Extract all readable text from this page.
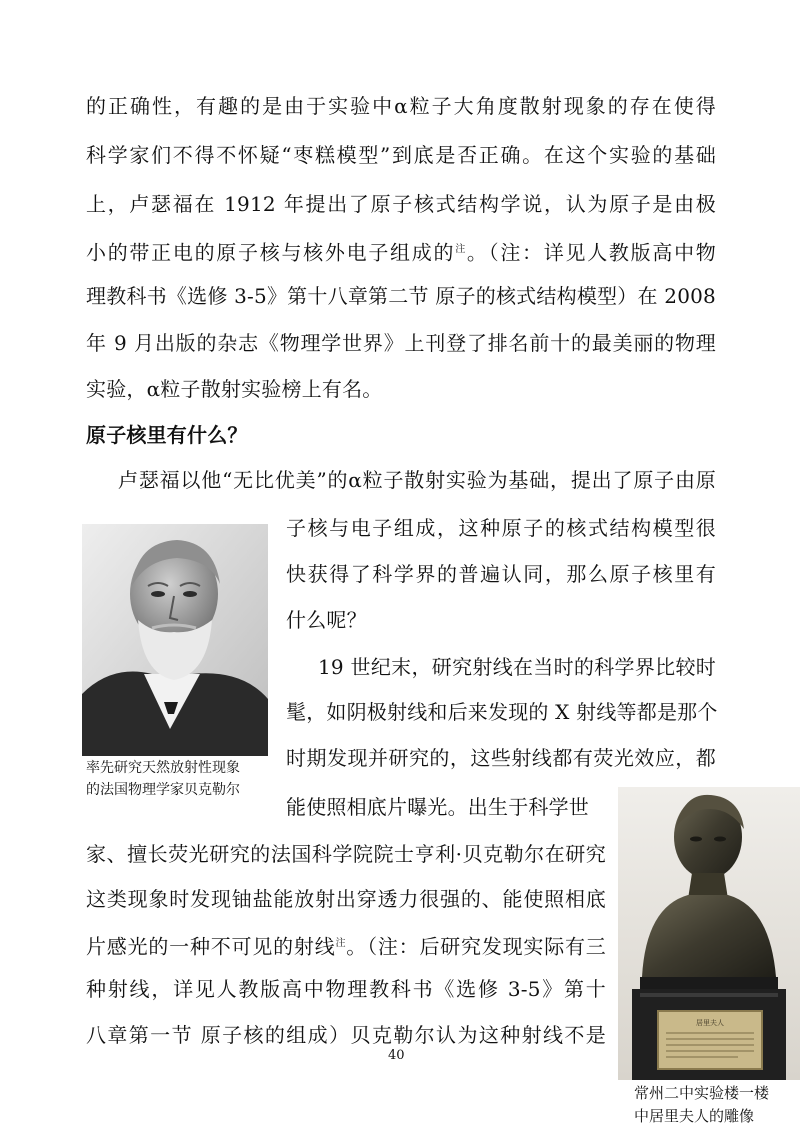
的正确性，有趣的是由于实验中α粒子大角度散射现象的存在使得
科学家们不得不怀疑“枣糕模型”到底是否正确。在这个实验的基础
上，卢瑟福在 1912 年提出了原子核式结构学说，认为原子是由极
小的带正电的原子核与核外电子组成的$^注$。（注：详见人教版高中物
理教科书《选修 3-5》第十八章第二节 原子的核式结构模型）在 2008
年 9 月出版的杂志《物理学世界》上刊登了排名前十的最美丽的物理
实验，α粒子散射实验榜上有名。
原子核里有什么？
卢瑟福以他“无比优美”的α粒子散射实验为基础，提出了原子由原
子核与电子组成，这种原子的核式结构模型很
快获得了科学界的普遍认同，那么原子核里有
什么呢？
19 世纪末，研究射线在当时的科学界比较时
髦，如阴极射线和后来发现的 X 射线等都是那个
时期发现并研究的，这些射线都有荧光效应，都
能使照相底片曝光。出生于科学世
家、擅长荧光研究的法国科学院院士亨利·贝克勒尔在研究
这类现象时发现铀盐能放射出穿透力很强的、能使照相底
片感光的一种不可见的射线$^注$。（注：后研究发现实际有三
种射线，详见人教版高中物理教科书《选修 3-5》第十
八章第一节 原子核的组成）贝克勒尔认为这种射线不是
率先研究天然放射性现象
的法国物理学家贝克勒尔
居里夫人
常州二中实验楼一楼
中居里夫人的雕像
40
